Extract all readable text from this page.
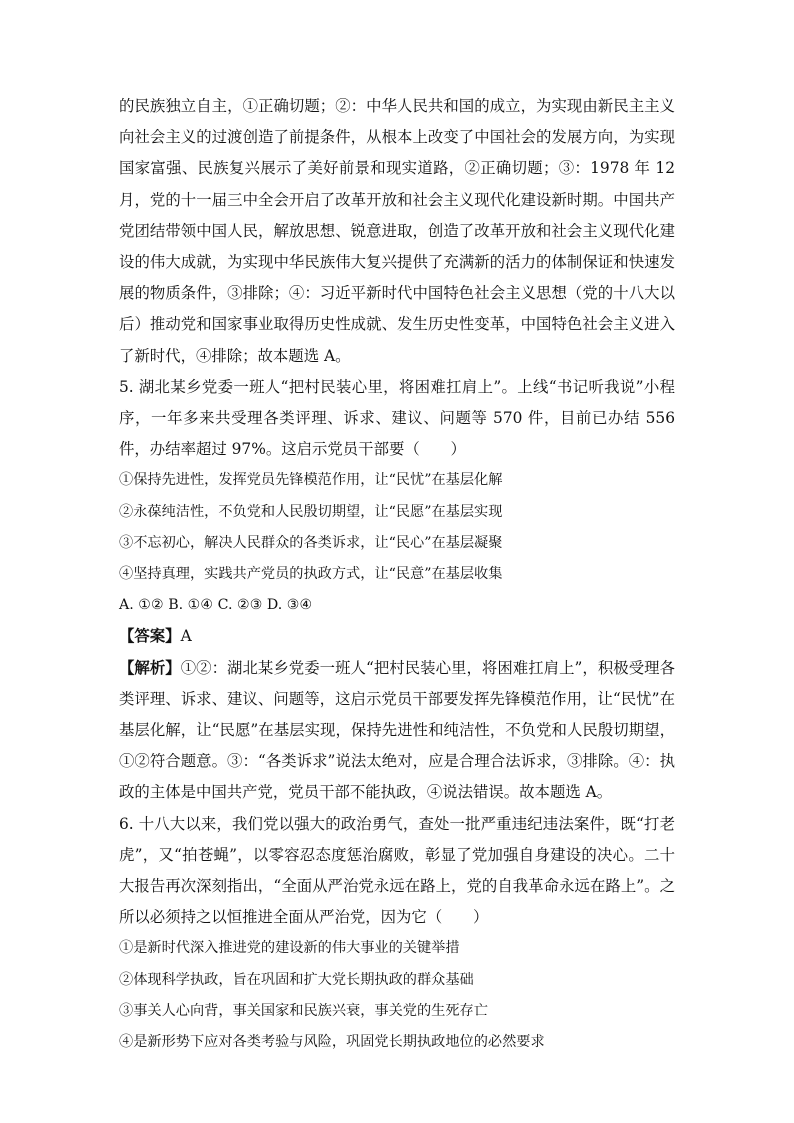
的民族独立自主，①正确切题；②：中华人民共和国的成立，为实现由新民主主义向社会主义的过渡创造了前提条件，从根本上改变了中国社会的发展方向，为实现国家富强、民族复兴展示了美好前景和现实道路，②正确切题；③：1978 年 12 月，党的十一届三中全会开启了改革开放和社会主义现代化建设新时期。中国共产党团结带领中国人民，解放思想、锐意进取，创造了改革开放和社会主义现代化建设的伟大成就，为实现中华民族伟大复兴提供了充满新的活力的体制保证和快速发展的物质条件，③排除；④：习近平新时代中国特色社会主义思想（党的十八大以后）推动党和国家事业取得历史性成就、发生历史性变革，中国特色社会主义进入了新时代，④排除；故本题选 A。

5. 湖北某乡党委一班人“把村民装心里，将困难扛肩上”。上线“书记听我说”小程序，一年多来共受理各类评理、诉求、建议、问题等 570 件，目前已办结 556 件，办结率超过 97%。这启示党员干部要（　　）

①保持先进性，发挥党员先锋模范作用，让“民忧”在基层化解

②永葆纯洁性，不负党和人民殷切期望，让“民愿”在基层实现

③不忘初心，解决人民群众的各类诉求，让“民心”在基层凝聚

④坚持真理，实践共产党员的执政方式，让“民意”在基层收集

A. ①② B. ①④ C. ②③ D. ③④

【答案】A

【解析】①②：湖北某乡党委一班人“把村民装心里，将困难扛肩上”，积极受理各类评理、诉求、建议、问题等，这启示党员干部要发挥先锋模范作用，让“民忧”在基层化解，让“民愿”在基层实现，保持先进性和纯洁性，不负党和人民殷切期望，①②符合题意。③：“各类诉求”说法太绝对，应是合理合法诉求，③排除。④：执政的主体是中国共产党，党员干部不能执政，④说法错误。故本题选 A。

6. 十八大以来，我们党以强大的政治勇气，查处一批严重违纪违法案件，既“打老虎”，又“拍苍蝇”，以零容忍态度惩治腐败，彰显了党加强自身建设的决心。二十大报告再次深刻指出，“全面从严治党永远在路上，党的自我革命永远在路上”。之所以必须持之以恒推进全面从严治党，因为它（　　）

①是新时代深入推进党的建设新的伟大事业的关键举措

②体现科学执政，旨在巩固和扩大党长期执政的群众基础

③事关人心向背，事关国家和民族兴衰，事关党的生死存亡

④是新形势下应对各类考验与风险，巩固党长期执政地位的必然要求
